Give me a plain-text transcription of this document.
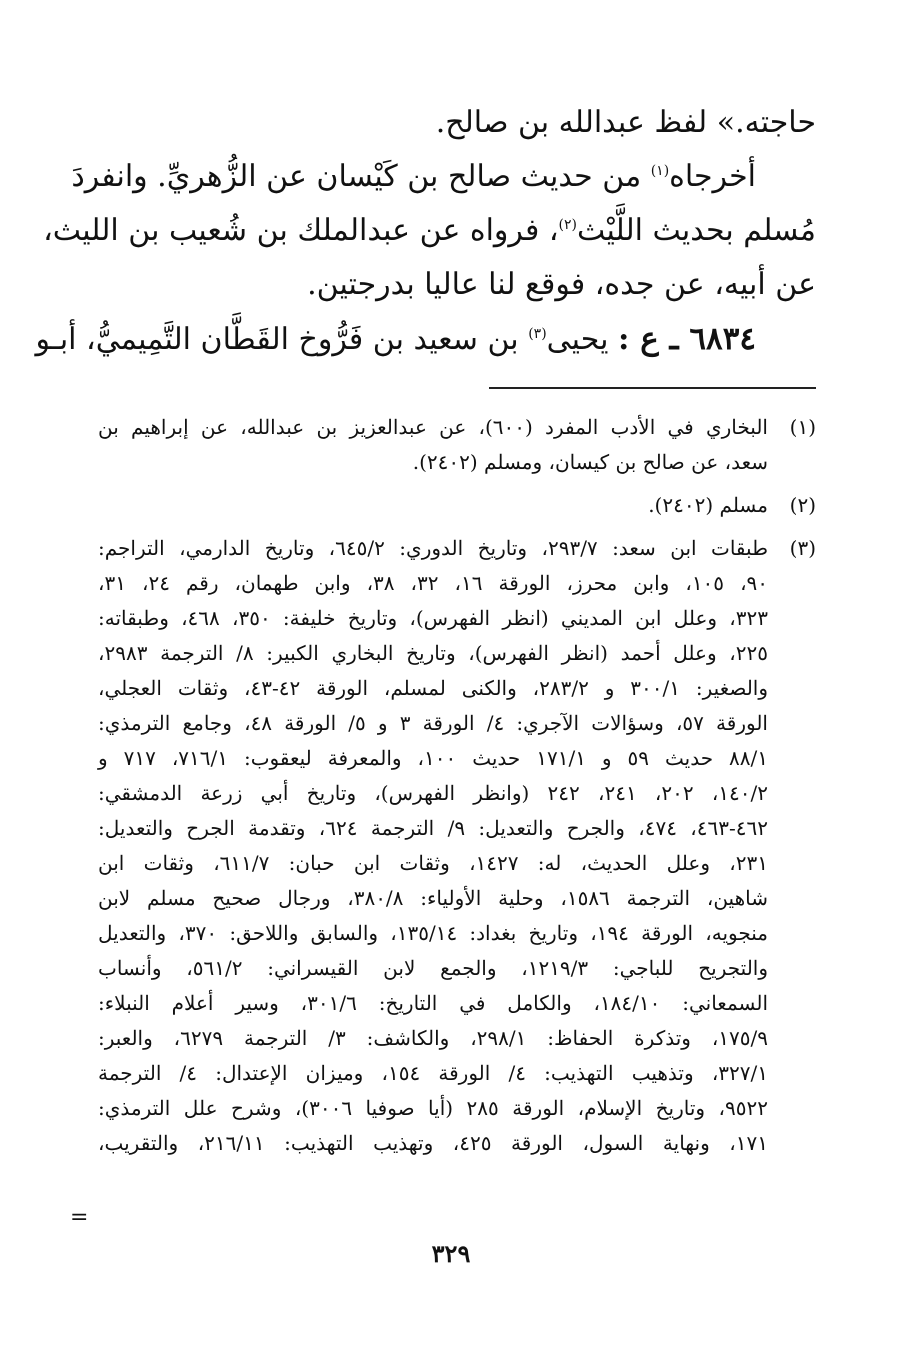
حاجته.» لفظ عبدالله بن صالح.
أخرجاه$^{(١)}$ من حديث صالح بن كَيْسان عن الزُّهريِّ. وانفردَ
مُسلم بحديث اللَّيْث$^{(٢)}$، فرواه عن عبدالملك بن شُعيب بن الليث،
عن أبيه، عن جده، فوقع لنا عاليا بدرجتين.
٦٨٣٤ ـ ع : يحيى$^{(٣)}$ بن سعيد بن فَرُّوخ القَطَّان التَّمِيميُّ، أبـو
(١)
البخاري في الأدب المفرد (٦٠٠)، عن عبدالعزيز بن عبدالله، عن إبراهيم بن
سعد، عن صالح بن كيسان، ومسلم (٢٤٠٢).
(٢)
مسلم (٢٤٠٢).
(٣)
طبقات ابن سعد: ٢٩٣/٧، وتاريخ الدوري: ٦٤٥/٢، وتاريخ الدارمي، التراجم:
٩٠، ١٠٥، وابن محرز، الورقة ١٦، ٣٢، ٣٨، وابن طهمان، رقم ٢٤، ٣١،
٣٢٣، وعلل ابن المديني (انظر الفهرس)، وتاريخ خليفة: ٣٥٠، ٤٦٨، وطبقاته:
٢٢٥، وعلل أحمد (انظر الفهرس)، وتاريخ البخاري الكبير: ٨/ الترجمة ٢٩٨٣،
والصغير: ٣٠٠/١ و ٢٨٣/٢، والكنى لمسلم، الورقة ٤٢-٤٣، وثقات العجلي،
الورقة ٥٧، وسؤالات الآجري: ٤/ الورقة ٣ و ٥/ الورقة ٤٨، وجامع الترمذي:
٨٨/١ حديث ٥٩ و ١٧١/١ حديث ١٠٠، والمعرفة ليعقوب: ٧١٦/١، ٧١٧ و
١٤٠/٢، ٢٠٢، ٢٤١، ٢٤٢ (وانظر الفهرس)، وتاريخ أبي زرعة الدمشقي:
٤٦٢-٤٦٣، ٤٧٤، والجرح والتعديل: ٩/ الترجمة ٦٢٤، وتقدمة الجرح والتعديل:
٢٣١، وعلل الحديث، له: ١٤٢٧، وثقات ابن حبان: ٦١١/٧، وثقات ابن
شاهين، الترجمة ١٥٨٦، وحلية الأولياء: ٣٨٠/٨، ورجال صحيح مسلم لابن
منجويه، الورقة ١٩٤، وتاريخ بغداد: ١٣٥/١٤، والسابق واللاحق: ٣٧٠، والتعديل
والتجريح للباجي: ١٢١٩/٣، والجمع لابن القيسراني: ٥٦١/٢، وأنساب
السمعاني: ١٨٤/١٠، والكامل في التاريخ: ٣٠١/٦، وسير أعلام النبلاء:
١٧٥/٩، وتذكرة الحفاظ: ٢٩٨/١، والكاشف: ٣/ الترجمة ٦٢٧٩، والعبر:
٣٢٧/١، وتذهيب التهذيب: ٤/ الورقة ١٥٤، وميزان الإعتدال: ٤/ الترجمة
٩٥٢٢، وتاريخ الإسلام، الورقة ٢٨٥ (أيا صوفيا ٣٠٠٦)، وشرح علل الترمذي:
١٧١، ونهاية السول، الورقة ٤٢٥، وتهذيب التهذيب: ٢١٦/١١، والتقريب،
=
٣٢٩
